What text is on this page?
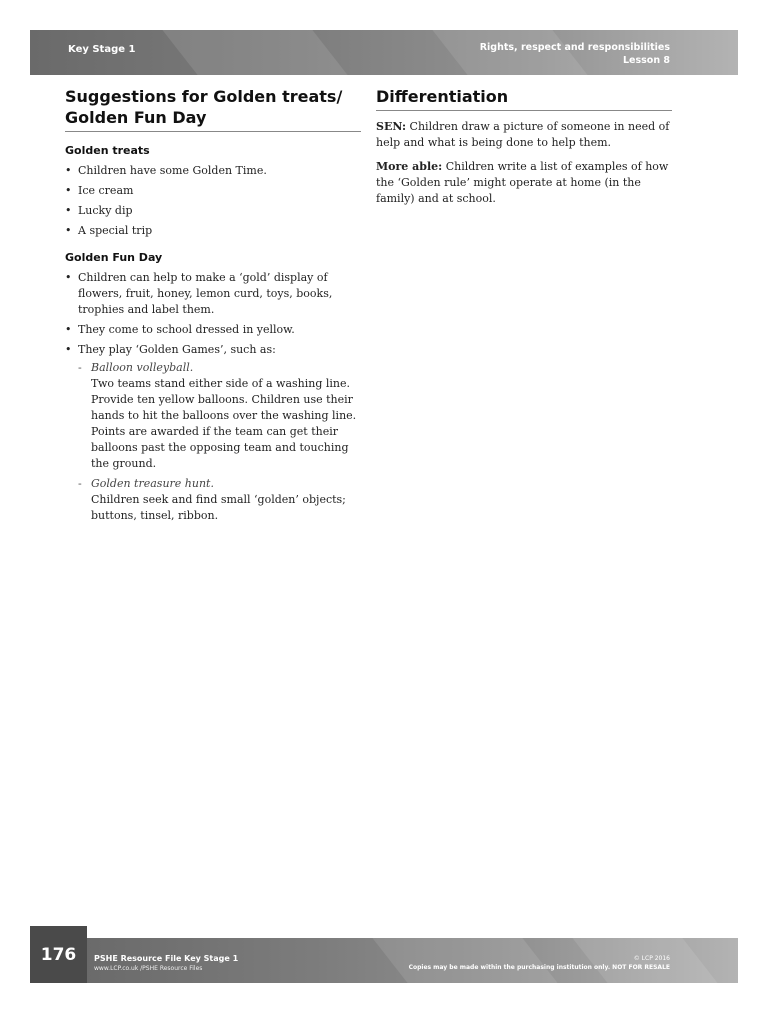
Key Stage 1	Rights, respect and responsibilities
Lesson 8
Suggestions for Golden treats/
Golden Fun Day
Golden treats
• Children have some Golden Time.
• Ice cream
• Lucky dip
• A special trip
Golden Fun Day
• Children can help to make a ‘gold’ display of flowers, fruit, honey, lemon curd, toys, books, trophies and label them.
• They come to school dressed in yellow.
• They play ‘Golden Games’, such as:
- Balloon volleyball.
Two teams stand either side of a washing line. Provide ten yellow balloons. Children use their hands to hit the balloons over the washing line. Points are awarded if the team can get their balloons past the opposing team and touching the ground.
- Golden treasure hunt.
Children seek and find small ‘golden’ objects; buttons, tinsel, ribbon.
Differentiation

SEN: Children draw a picture of someone in need of help and what is being done to help them.

More able: Children write a list of examples of how the ‘Golden rule’ might operate at home (in the family) and at school.

PSHE Resource File Key Stage 1
www.LCP.co.uk /PSHE Resource Files
© LCP 2016
Copies may be made within the purchasing institution only. NOT FOR RESALE
176
